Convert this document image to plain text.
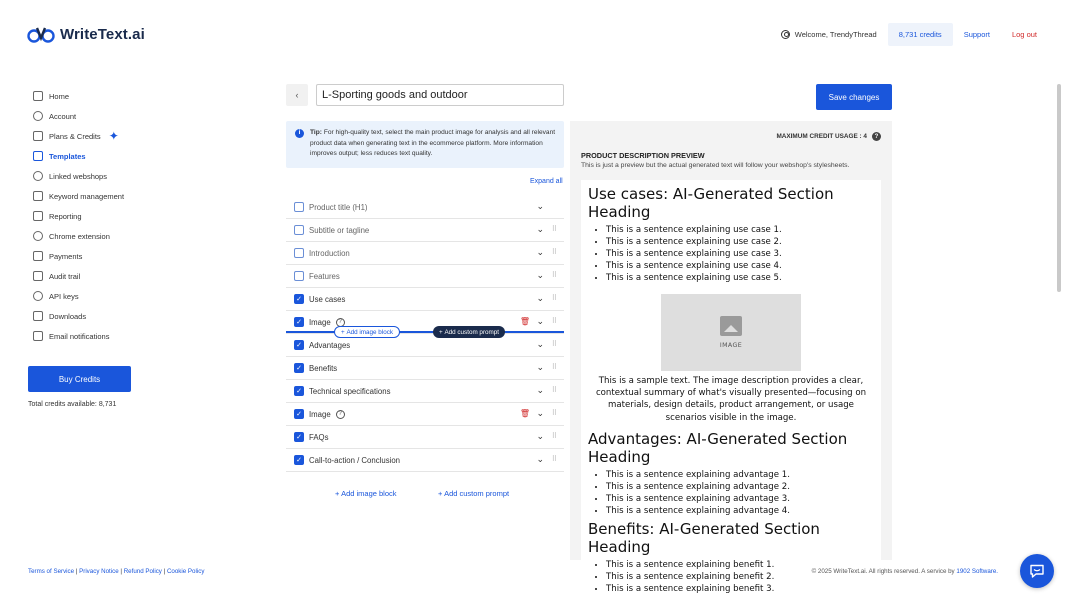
WriteText.ai	Welcome, TrendyThread	8,731 credits	Support	Log out
Home
Account
Plans & Credits ✦
Templates
Linked webshops
Keyword management
Reporting
Chrome extension
Payments
Audit trail
API keys
Downloads
Email notifications
Buy Credits
Total credits available: 8,731
‹
L-Sporting goods and outdoor	Save changes
i	Tip: For high-quality text, select the main product image for analysis and all relevant product data when generating text in the ecommerce platform. More information improves output; less reduces text quality.
Expand all
Product title (H1)	⌄
Subtitle or tagline	⌄ ⠿
Introduction	⌄ ⠿
Features	⌄ ⠿
✓ Use cases	⌄ ⠿
✓ Image	?	🗑 ⌄ ⠿
✓ Advantages	⌄ ⠿
✓ Benefits	⌄ ⠿
✓ Technical specifications	⌄ ⠿
✓ Image	?	🗑 ⌄ ⠿
✓ FAQs	⌄ ⠿
✓ Call-to-action / Conclusion	⌄ ⠿
+ Add image block	+ Add custom prompt
+ Add image block	+ Add custom prompt
MAXIMUM CREDIT USAGE : 4	?
PRODUCT DESCRIPTION PREVIEW
This is just a preview but the actual generated text will follow your webshop's stylesheets.
Use cases: AI-Generated Section Heading
• This is a sentence explaining use case 1.
• This is a sentence explaining use case 2.
• This is a sentence explaining use case 3.
• This is a sentence explaining use case 4.
• This is a sentence explaining use case 5.
IMAGE

This is a sample text. The image description provides a clear, contextual summary of what's visually presented—focusing on materials, design details, product arrangement, or usage scenarios visible in the image.

Advantages: AI-Generated Section Heading
• This is a sentence explaining advantage 1.
• This is a sentence explaining advantage 2.
• This is a sentence explaining advantage 3.
• This is a sentence explaining advantage 4.
Benefits: AI-Generated Section Heading
• This is a sentence explaining benefit 1.
• This is a sentence explaining benefit 2.
• This is a sentence explaining benefit 3.
Terms of Service | Privacy Notice | Refund Policy | Cookie Policy	© 2025 WriteText.ai. All rights reserved. A service by 1902 Software.
